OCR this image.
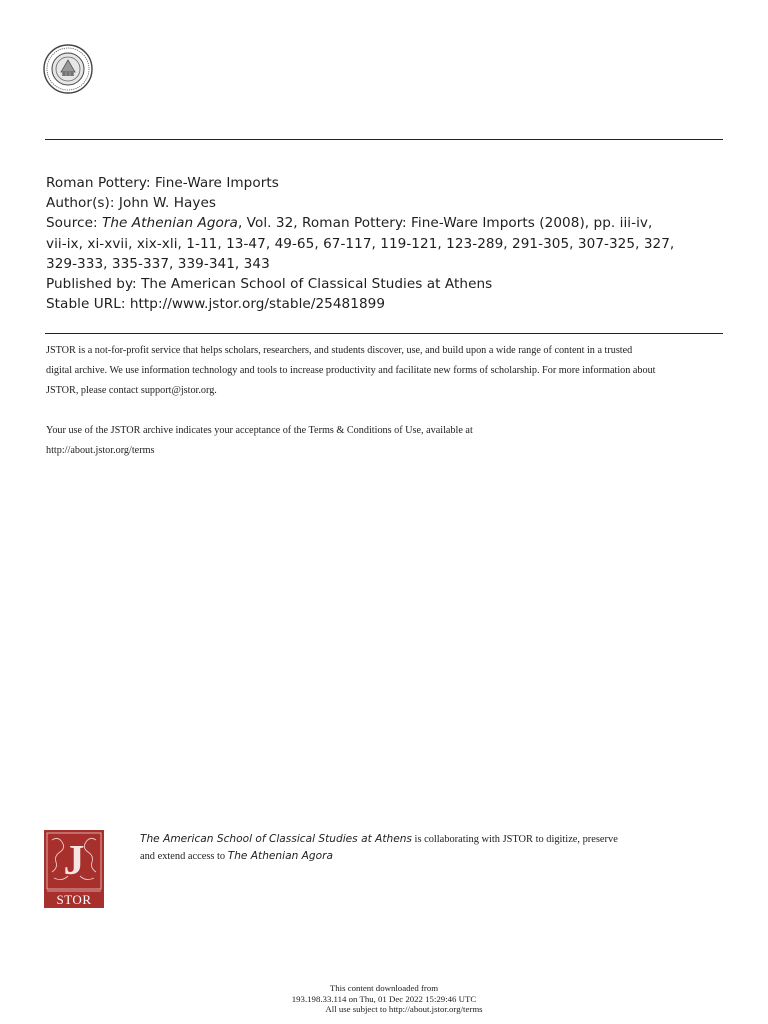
Roman Pottery: Fine-Ware Imports
Author(s): John W. Hayes
Source: The Athenian Agora, Vol. 32, Roman Pottery: Fine-Ware Imports (2008), pp. iii-iv,
vii-ix, xi-xvii, xix-xli, 1-11, 13-47, 49-65, 67-117, 119-121, 123-289, 291-305, 307-325, 327,
329-333, 335-337, 339-341, 343
Published by: The American School of Classical Studies at Athens
Stable URL: http://www.jstor.org/stable/25481899
JSTOR is a not-for-profit service that helps scholars, researchers, and students discover, use, and build upon a wide range of content in a trusted
digital archive. We use information technology and tools to increase productivity and facilitate new forms of scholarship. For more information about
JSTOR, please contact support@jstor.org.
Your use of the JSTOR archive indicates your acceptance of the Terms & Conditions of Use, available at
http://about.jstor.org/terms
J
STOR
The American School of Classical Studies at Athens is collaborating with JSTOR to digitize, preserve
and extend access to The Athenian Agora
This content downloaded from
193.198.33.114 on Thu, 01 Dec 2022 15:29:46 UTC
All use subject to http://about.jstor.org/terms
